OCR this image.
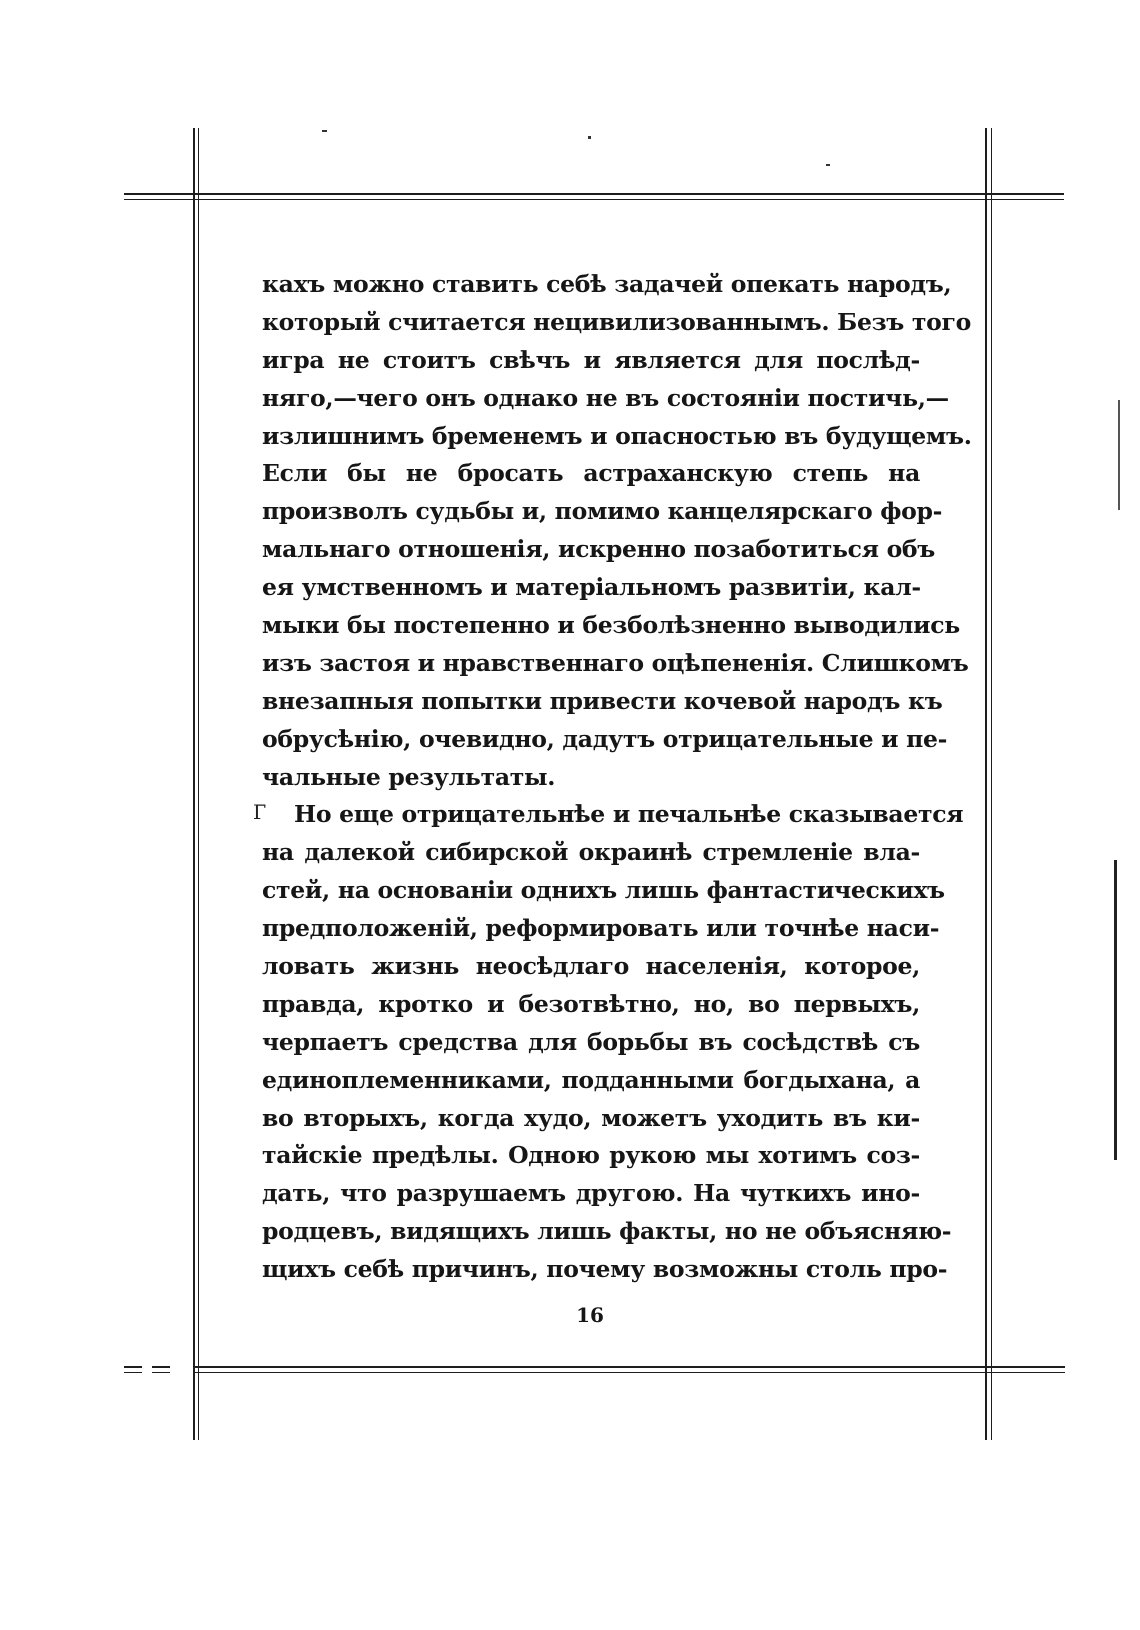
кахъ можно ставить себѣ задачей опекать народъ,
который считается нецивилизованнымъ. Безъ того
игра не стоитъ свѣчъ и является для послѣд-
няго,—чего онъ однако не въ состояніи постичь,—
излишнимъ бременемъ и опасностью въ будущемъ.
Если бы не бросать астраханскую степь на
произволъ судьбы и, помимо канцелярскаго фор-
мальнаго отношенія, искренно позаботиться объ
ея умственномъ и матеріальномъ развитіи, кал-
мыки бы постепенно и безболѣзненно выводились
изъ застоя и нравственнаго оцѣпененія. Слишкомъ
внезапныя попытки привести кочевой народъ къ
обрусѣнію, очевидно, дадутъ отрицательные и пе-
чальные результаты.
Но еще отрицательнѣе и печальнѣе сказывается
на далекой сибирской окраинѣ стремленіе вла-
стей, на основаніи однихъ лишь фантастическихъ
предположеній, реформировать или точнѣе наси-
ловать жизнь неосѣдлаго населенія, которое,
правда, кротко и безотвѣтно, но, во первыхъ,
черпаетъ средства для борьбы въ сосѣдствѣ съ
единоплеменниками, подданными богдыхана, а
во вторыхъ, когда худо, можетъ уходить въ ки-
тайскіе предѣлы. Одною рукою мы хотимъ соз-
дать, что разрушаемъ другою. На чуткихъ ино-
родцевъ, видящихъ лишь факты, но не объясняю-
щихъ себѣ причинъ, почему возможны столь про-
Г
16
